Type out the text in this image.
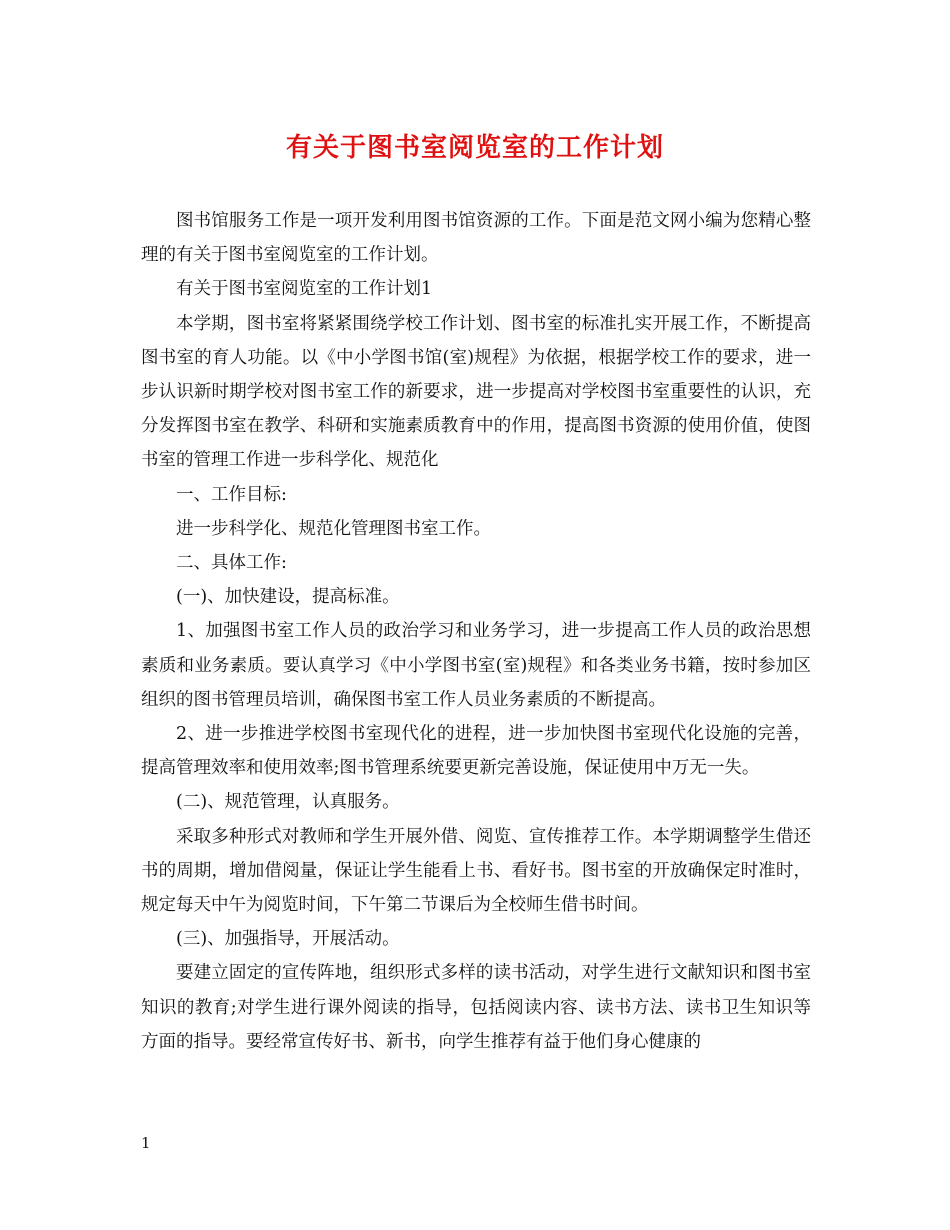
有关于图书室阅览室的工作计划

图书馆服务工作是一项开发利用图书馆资源的工作。下面是范文网小编为您精心整理的有关于图书室阅览室的工作计划。

有关于图书室阅览室的工作计划1

本学期，图书室将紧紧围绕学校工作计划、图书室的标准扎实开展工作，不断提高图书室的育人功能。以《中小学图书馆(室)规程》为依据，根据学校工作的要求，进一步认识新时期学校对图书室工作的新要求，进一步提高对学校图书室重要性的认识，充分发挥图书室在教学、科研和实施素质教育中的作用，提高图书资源的使用价值，使图书室的管理工作进一步科学化、规范化

一、工作目标:

进一步科学化、规范化管理图书室工作。

二、具体工作:

(一)、加快建设，提高标准。

1、加强图书室工作人员的政治学习和业务学习，进一步提高工作人员的政治思想素质和业务素质。要认真学习《中小学图书室(室)规程》和各类业务书籍，按时参加区组织的图书管理员培训，确保图书室工作人员业务素质的不断提高。

2、进一步推进学校图书室现代化的进程，进一步加快图书室现代化设施的完善，提高管理效率和使用效率;图书管理系统要更新完善设施，保证使用中万无一失。

(二)、规范管理，认真服务。

采取多种形式对教师和学生开展外借、阅览、宣传推荐工作。本学期调整学生借还书的周期，增加借阅量，保证让学生能看上书、看好书。图书室的开放确保定时准时，规定每天中午为阅览时间，下午第二节课后为全校师生借书时间。

(三)、加强指导，开展活动。

要建立固定的宣传阵地，组织形式多样的读书活动，对学生进行文献知识和图书室知识的教育;对学生进行课外阅读的指导，包括阅读内容、读书方法、读书卫生知识等方面的指导。要经常宣传好书、新书，向学生推荐有益于他们身心健康的

1
